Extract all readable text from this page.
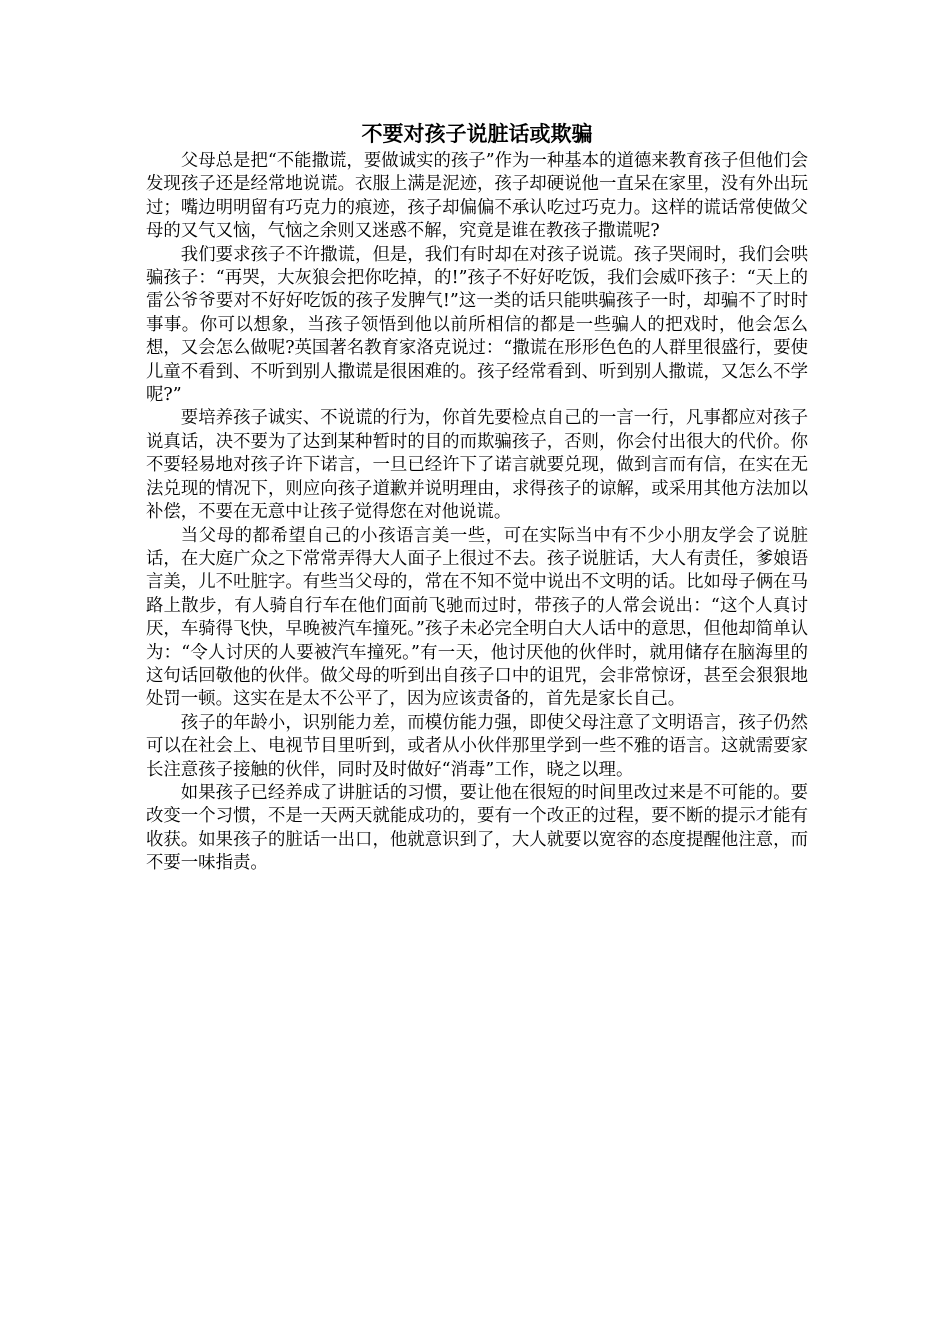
不要对孩子说脏话或欺骗

父母总是把“不能撒谎，要做诚实的孩子”作为一种基本的道德来教育孩子但他们会发现孩子还是经常地说谎。衣服上满是泥迹，孩子却硬说他一直呆在家里，没有外出玩过；嘴边明明留有巧克力的痕迹，孩子却偏偏不承认吃过巧克力。这样的谎话常使做父母的又气又恼，气恼之余则又迷惑不解，究竟是谁在教孩子撒谎呢?

我们要求孩子不许撒谎，但是，我们有时却在对孩子说谎。孩子哭闹时，我们会哄骗孩子：“再哭，大灰狼会把你吃掉，的!”孩子不好好吃饭，我们会威吓孩子：“天上的雷公爷爷要对不好好吃饭的孩子发脾气!”这一类的话只能哄骗孩子一时，却骗不了时时事事。你可以想象，当孩子领悟到他以前所相信的都是一些骗人的把戏时，他会怎么想，又会怎么做呢?英国著名教育家洛克说过：“撒谎在形形色色的人群里很盛行，要使儿童不看到、不听到别人撒谎是很困难的。孩子经常看到、听到别人撒谎，又怎么不学呢?”

要培养孩子诚实、不说谎的行为，你首先要检点自己的一言一行，凡事都应对孩子说真话，决不要为了达到某种暂时的目的而欺骗孩子，否则，你会付出很大的代价。你不要轻易地对孩子许下诺言，一旦已经许下了诺言就要兑现，做到言而有信，在实在无法兑现的情况下，则应向孩子道歉并说明理由，求得孩子的谅解，或采用其他方法加以补偿，不要在无意中让孩子觉得您在对他说谎。

当父母的都希望自己的小孩语言美一些，可在实际当中有不少小朋友学会了说脏话，在大庭广众之下常常弄得大人面子上很过不去。孩子说脏话，大人有责任，爹娘语言美，儿不吐脏字。有些当父母的，常在不知不觉中说出不文明的话。比如母子俩在马路上散步，有人骑自行车在他们面前飞驰而过时，带孩子的人常会说出：“这个人真讨厌，车骑得飞快，早晚被汽车撞死。”孩子未必完全明白大人话中的意思，但他却简单认为：“令人讨厌的人要被汽车撞死。”有一天，他讨厌他的伙伴时，就用储存在脑海里的这句话回敬他的伙伴。做父母的听到出自孩子口中的诅咒，会非常惊讶，甚至会狠狠地处罚一顿。这实在是太不公平了，因为应该责备的，首先是家长自己。

孩子的年龄小，识别能力差，而模仿能力强，即使父母注意了文明语言，孩子仍然可以在社会上、电视节目里听到，或者从小伙伴那里学到一些不雅的语言。这就需要家长注意孩子接触的伙伴，同时及时做好“消毒”工作，晓之以理。

如果孩子已经养成了讲脏话的习惯，要让他在很短的时间里改过来是不可能的。要改变一个习惯，不是一天两天就能成功的，要有一个改正的过程，要不断的提示才能有收获。如果孩子的脏话一出口，他就意识到了，大人就要以宽容的态度提醒他注意，而不要一味指责。
